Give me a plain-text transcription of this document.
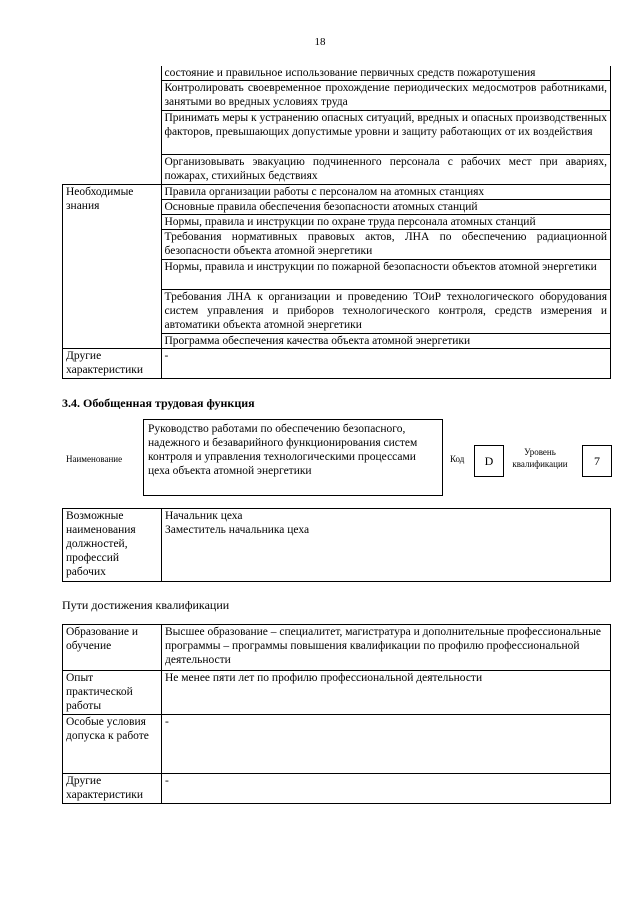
18
	состояние и правильное использование первичных средств пожаротушения
	Контролировать своевременное прохождение периодических медосмотров работниками, занятыми во вредных условиях труда
	Принимать меры к устранению опасных ситуаций, вредных и опасных производственных факторов, превышающих допустимые уровни и защиту работающих от их воздействия
	Организовывать эвакуацию подчиненного персонала с рабочих мест при авариях, пожарах, стихийных бедствиях
Необходимые знания	Правила организации работы с персоналом на атомных станциях
	Основные правила обеспечения безопасности атомных станций
	Нормы, правила и инструкции по охране труда персонала атомных станций
	Требования нормативных правовых актов, ЛНА по обеспечению радиационной безопасности объекта атомной энергетики
	Нормы, правила и инструкции по пожарной безопасности объектов атомной энергетики
	Требования ЛНА к организации и проведению ТОиР технологического оборудования систем управления и приборов технологического контроля, средств измерения и автоматики объекта атомной энергетики
	Программа обеспечения качества объекта атомной энергетики
Другие характеристики	-
3.4. Обобщенная трудовая функция
Наименование
Руководство работами по обеспечению безопасного, надежного и безаварийного функционирования систем контроля и управления технологическими процессами цеха объекта атомной энергетики
Код	D
Уровень квалификации	7
Возможные наименования должностей, профессий рабочих	
Начальник цеха
Заместитель начальника цеха
Пути достижения квалификации
Образование и обучение	Высшее образование – специалитет, магистратура и дополнительные профессиональные программы – программы повышения квалификации по профилю профессиональной деятельности
Опыт практической работы	Не менее пяти лет по профилю профессиональной деятельности
Особые условия допуска к работе	-
Другие характеристики	-
